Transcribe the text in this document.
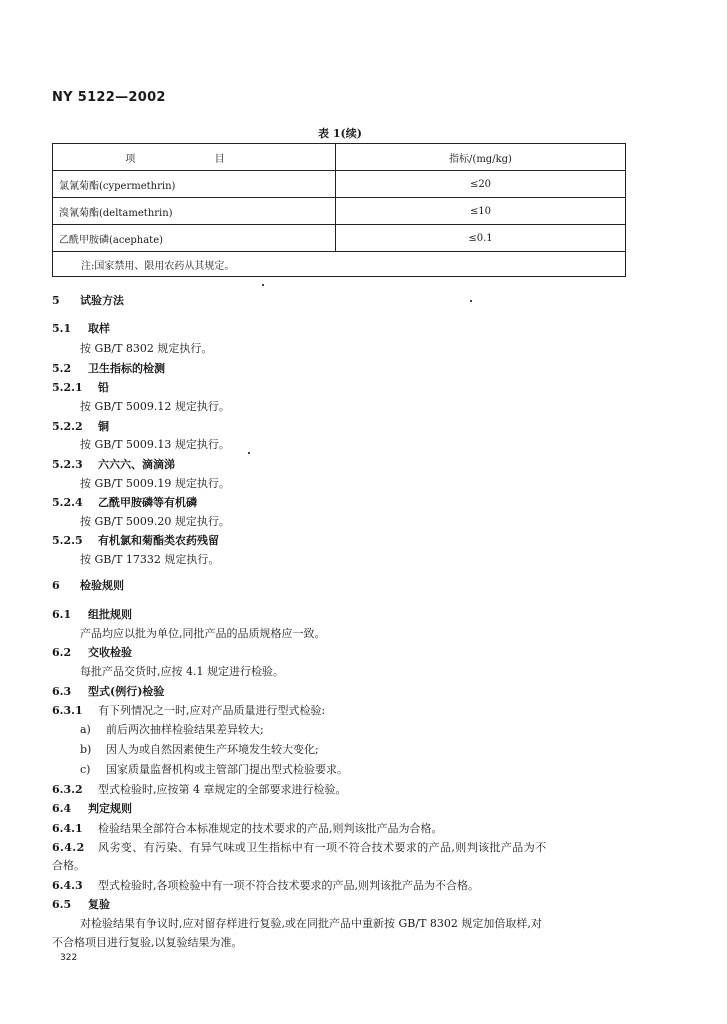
NY 5122—2002
表 1(续)
项 目	指标/(mg/kg)
氯氰菊酯(cypermethrin)	≤20
溴氰菊酯(deltamethrin)	≤10
乙酰甲胺磷(acephate)	≤0.1
注:国家禁用、限用农药从其规定。	
5 试验方法
5.1 取样
按 GB/T 8302 规定执行。
5.2 卫生指标的检测
5.2.1 铅
按 GB/T 5009.12 规定执行。
5.2.2 铜
按 GB/T 5009.13 规定执行。
5.2.3 六六六、滴滴涕
按 GB/T 5009.19 规定执行。
5.2.4 乙酰甲胺磷等有机磷
按 GB/T 5009.20 规定执行。
5.2.5 有机氯和菊酯类农药残留
按 GB/T 17332 规定执行。
6 检验规则
6.1 组批规则
产品均应以批为单位,同批产品的品质规格应一致。
6.2 交收检验
每批产品交货时,应按 4.1 规定进行检验。
6.3 型式(例行)检验
6.3.1 有下列情况之一时,应对产品质量进行型式检验:
a) 前后两次抽样检验结果差异较大;
b) 因人为或自然因素使生产环境发生较大变化;
c) 国家质量监督机构或主管部门提出型式检验要求。
6.3.2 型式检验时,应按第 4 章规定的全部要求进行检验。
6.4 判定规则
6.4.1 检验结果全部符合本标准规定的技术要求的产品,则判该批产品为合格。
6.4.2 风劣变、有污染、有异气味或卫生指标中有一项不符合技术要求的产品,则判该批产品为不
合格。
6.4.3 型式检验时,各项检验中有一项不符合技术要求的产品,则判该批产品为不合格。
6.5 复验
对检验结果有争议时,应对留存样进行复验,或在同批产品中重新按 GB/T 8302 规定加倍取样,对
不合格项目进行复验,以复验结果为准。
322
